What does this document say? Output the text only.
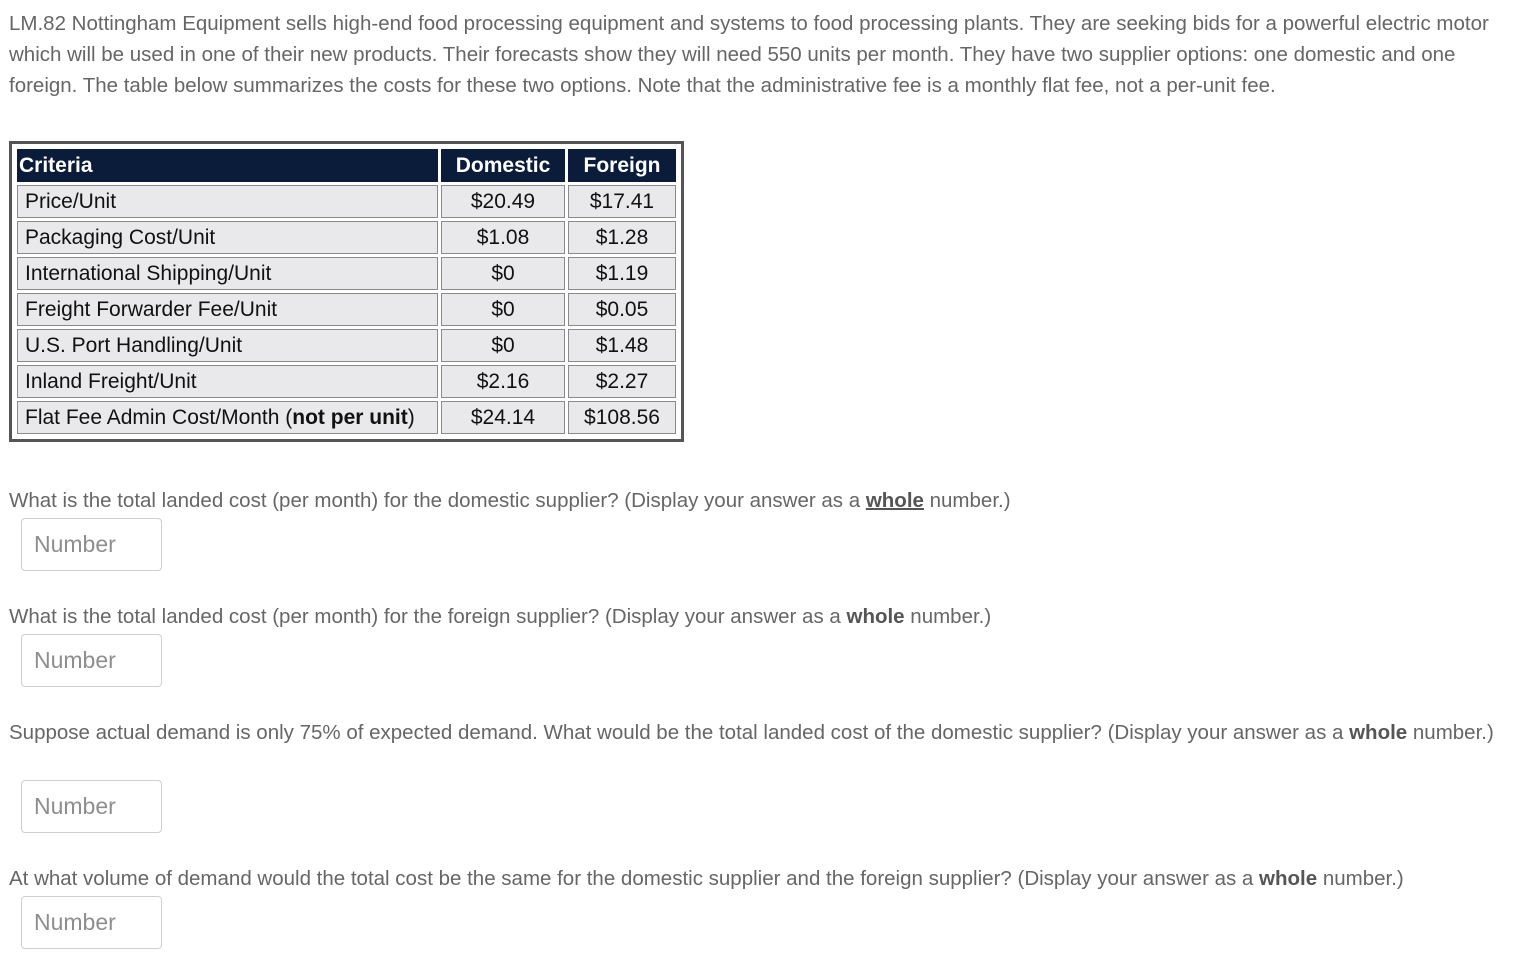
LM.82 Nottingham Equipment sells high-end food processing equipment and systems to food processing plants. They are seeking bids for a powerful electric motor which will be used in one of their new products. Their forecasts show they will need 550 units per month. They have two supplier options: one domestic and one foreign. The table below summarizes the costs for these two options. Note that the administrative fee is a monthly flat fee, not a per-unit fee.

Criteria	Domestic	Foreign
Price/Unit	$20.49	$17.41
Packaging Cost/Unit	$1.08	$1.28
International Shipping/Unit	$0	$1.19
Freight Forwarder Fee/Unit	$0	$0.05
U.S. Port Handling/Unit	$0	$1.48
Inland Freight/Unit	$2.16	$2.27
Flat Fee Admin Cost/Month (not per unit)	$24.14	$108.56

What is the total landed cost (per month) for the domestic supplier? (Display your answer as a whole number.)

Number

What is the total landed cost (per month) for the foreign supplier? (Display your answer as a whole number.)

Number

Suppose actual demand is only 75% of expected demand. What would be the total landed cost of the domestic supplier? (Display your answer as a whole number.)

Number

At what volume of demand would the total cost be the same for the domestic supplier and the foreign supplier? (Display your answer as a whole number.)

Number
